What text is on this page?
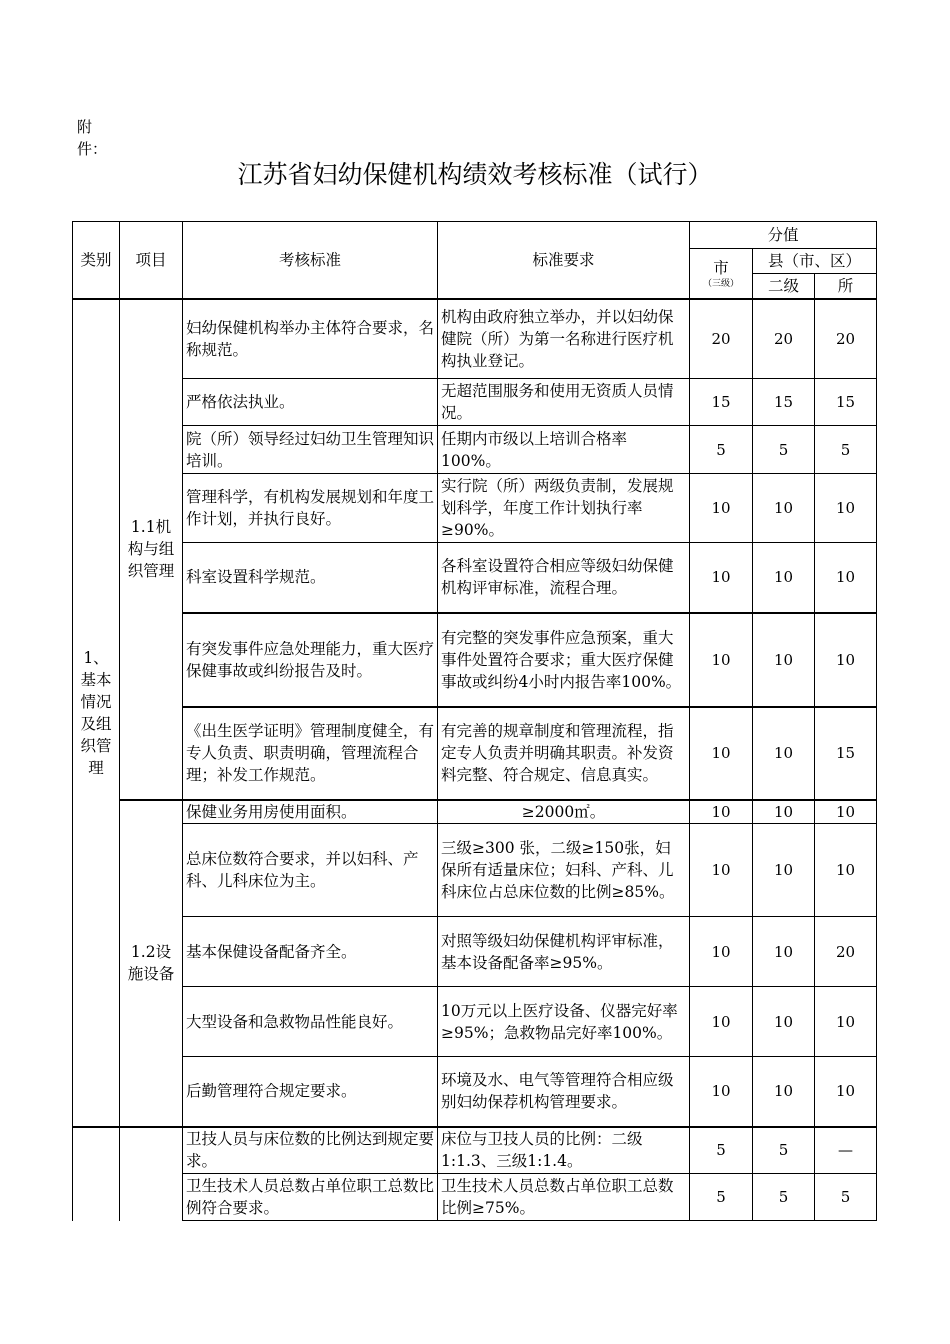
附件：
江苏省妇幼保健机构绩效考核标准（试行）
类别	项目	考核标准	标准要求	分值		
				市
（三级）	县（市、区）	
					二级	所
1、基本情况及组织管理	1.1机构与组织管理	妇幼保健机构举办主体符合要求，名称规范。	机构由政府独立举办，并以妇幼保健院（所）为第一名称进行医疗机构执业登记。	20	20	20
		严格依法执业。	无超范围服务和使用无资质人员情况。	15	15	15
		院（所）领导经过妇幼卫生管理知识培训。	任期内市级以上培训合格率100%。	5	5	5
		管理科学，有机构发展规划和年度工作计划，并执行良好。	实行院（所）两级负责制，发展规划科学，年度工作计划执行率≥90%。	10	10	10
		科室设置科学规范。	各科室设置符合相应等级妇幼保健机构评审标准，流程合理。	10	10	10
		有突发事件应急处理能力，重大医疗保健事故或纠纷报告及时。	有完整的突发事件应急预案，重大事件处置符合要求；重大医疗保健事故或纠纷4小时内报告率100%。	10	10	10
		《出生医学证明》管理制度健全，有专人负责、职责明确，管理流程合理；补发工作规范。	有完善的规章制度和管理流程，指定专人负责并明确其职责。补发资料完整、符合规定、信息真实。	10	10	15
	1.2设施设备	保健业务用房使用面积。	≥2000㎡。	10	10	10
		总床位数符合要求，并以妇科、产科、儿科床位为主。	三级≥300 张，二级≥150张，妇保所有适量床位；妇科、产科、儿科床位占总床位数的比例≥85%。	10	10	10
		基本保健设备配备齐全。	对照等级妇幼保健机构评审标准，基本设备配备率≥95%。	10	10	20
		大型设备和急救物品性能良好。	10万元以上医疗设备、仪器完好率≥95%；急救物品完好率100%。	10	10	10
		后勤管理符合规定要求。	环境及水、电气等管理符合相应级别妇幼保荐机构管理要求。	10	10	10
		卫技人员与床位数的比例达到规定要求。	床位与卫技人员的比例：二级1:1.3、三级1:1.4。	5	5	—
		卫生技术人员总数占单位职工总数比例符合要求。	卫生技术人员总数占单位职工总数比例≥75%。	5	5	5
